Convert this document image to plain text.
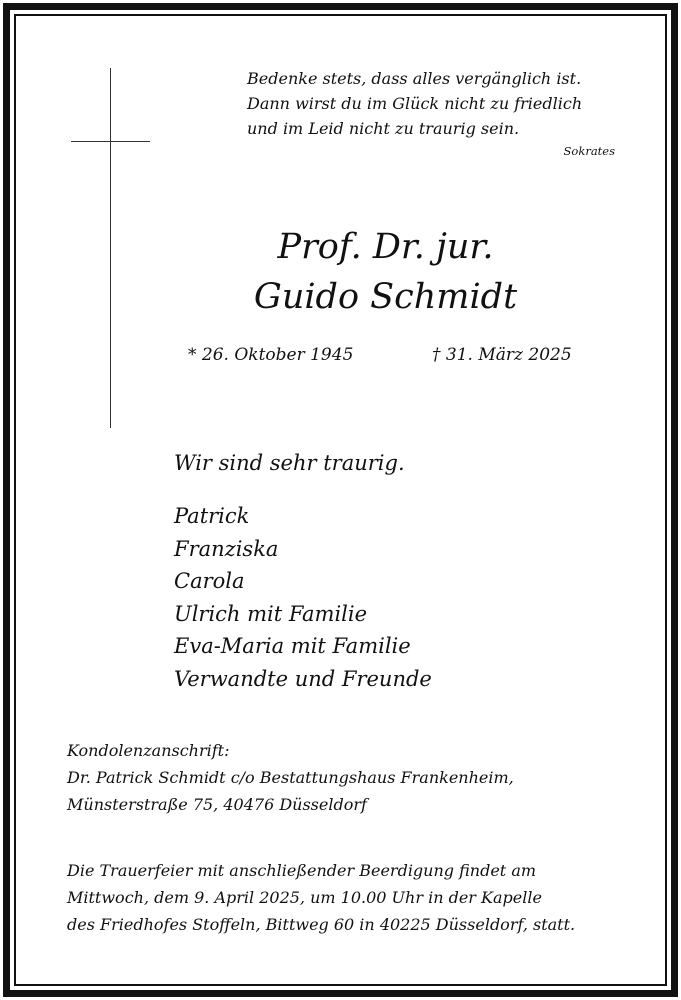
Bedenke stets, dass alles vergänglich ist.
Dann wirst du im Glück nicht zu friedlich
und im Leid nicht zu traurig sein.
Sokrates
Prof. Dr. jur.
Guido Schmidt
* 26. Oktober 1945	† 31. März 2025
Wir sind sehr traurig.
Patrick
Franziska
Carola
Ulrich mit Familie
Eva-Maria mit Familie
Verwandte und Freunde
Kondolenzanschrift:
Dr. Patrick Schmidt c/o Bestattungshaus Frankenheim,
Münsterstraße 75, 40476 Düsseldorf
Die Trauerfeier mit anschließender Beerdigung findet am
Mittwoch, dem 9. April 2025, um 10.00 Uhr in der Kapelle
des Friedhofes Stoffeln, Bittweg 60 in 40225 Düsseldorf, statt.
